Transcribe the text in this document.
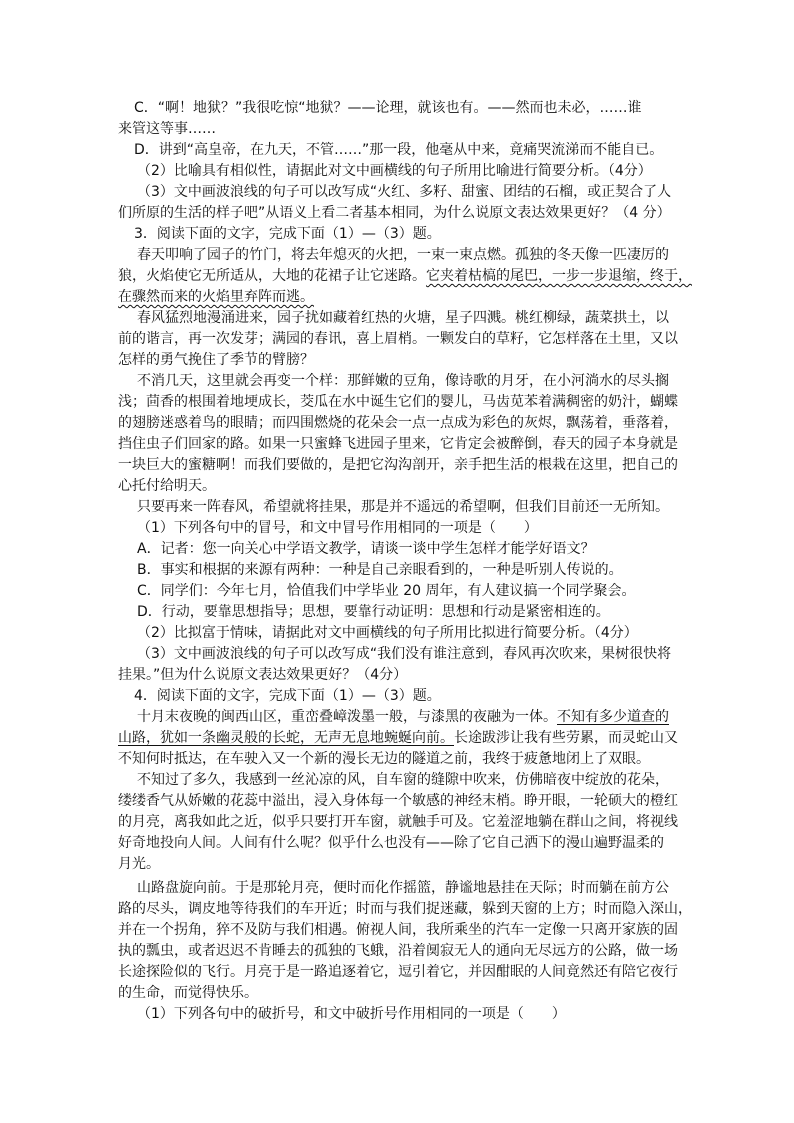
C．“啊！地狱？”我很吃惊“地狱？——论理，就该也有。——然而也未必，……谁
来管这等事……
D．讲到“高皇帝，在九天，不管……”那一段，他毫从中来，竟痛哭流涕而不能自已。
（2）比喻具有相似性，请据此对文中画横线的句子所用比喻进行简要分析。（4分）
（3）文中画波浪线的句子可以改写成“火红、多籽、甜蜜、团结的石榴，或正契合了人
们所原的生活的样子吧”从语义上看二者基本相同，为什么说原文表达效果更好？（4 分）
3．阅读下面的文字，完成下面（1）—（3）题。
春天叩响了园子的竹门，将去年熄灭的火把，一束一束点燃。孤独的冬天像一匹凄厉的
狼，火焰使它无所适从，大地的花裙子让它迷路。它夹着枯槁的尾巴，一步一步退缩，终于，
在骤然而来的火焰里弃阵而逃。
春风猛烈地漫涌进来，园子扰如藏着红热的火塘，星子四溅。桃红柳绿，蔬菜拱土，以
前的谐言，再一次发芽；满园的春讯，喜上眉梢。一颗发白的草籽，它怎样落在土里，又以
怎样的勇气挽住了季节的臂膀？
不消几天，这里就会再变一个样：那鲜嫩的豆角，像诗歌的月牙，在小河淌水的尽头搁
浅；茴香的根围着地埂成长，茭瓜在水中诞生它们的婴儿，马齿苋苯着满稠密的奶汁，蝴蝶
的翅膀迷惑着鸟的眼睛；而四围燃烧的花朵会一点一点成为彩色的灰烬，飘荡着，垂落着，
挡住虫子们回家的路。如果一只蜜蜂飞进园子里来，它肯定会被醉倒，春天的园子本身就是
一块巨大的蜜糖啊！而我们要做的，是把它沟沟剖开，亲手把生活的根栽在这里，把自己的
心托付给明天。
只要再来一阵春风，希望就将挂果，那是并不遥远的希望啊，但我们目前还一无所知。
（1）下列各句中的冒号，和文中冒号作用相同的一项是（　　）
A．记者：您一向关心中学语文教学，请谈一谈中学生怎样才能学好语文？
B．事实和根据的来源有两种：一种是自己亲眼看到的，一种是听别人传说的。
C．同学们：今年七月，恰值我们中学毕业 20 周年，有人建议搞一个同学聚会。
D．行动，要靠思想指导；思想，要靠行动证明：思想和行动是紧密相连的。
（2）比拟富于情味，请据此对文中画横线的句子所用比拟进行简要分析。（4分）
（3）文中画波浪线的句子可以改写成“我们没有谁注意到，春风再次吹来，果树很快将
挂果。”但为什么说原文表达效果更好？（4分）
4．阅读下面的文字，完成下面（1）—（3）题。
十月末夜晚的闽西山区，重峦叠嶂泼墨一般，与漆黑的夜融为一体。不知有多少道查的
山路，犹如一条幽灵般的长蛇，无声无息地蜿蜒向前。长途跋涉让我有些劳累，而灵蛇山又
不知何时抵达，在车驶入又一个新的漫长无边的隧道之前，我终于疲惫地闭上了双眼。
不知过了多久，我感到一丝沁凉的风，自车窗的缝隙中吹来，仿佛暗夜中绽放的花朵，
缕缕香气从娇嫩的花蕊中溢出，浸入身体每一个敏感的神经末梢。睁开眼，一轮硕大的橙红
的月亮，离我如此之近，似乎只要打开车窗，就触手可及。它羞涩地躺在群山之间，将视线
好奇地投向人间。人间有什么呢？似乎什么也没有——除了它自己洒下的漫山遍野温柔的
月光。
山路盘旋向前。于是那轮月亮，便时而化作摇篮，静谧地悬挂在天际；时而躺在前方公
路的尽头，调皮地等待我们的车开近；时而与我们捉迷藏，躲到天窗的上方；时而隐入深山，
并在一个拐角，猝不及防与我们相遇。俯视人间，我所乘坐的汽车一定像一只离开家族的固
执的瓢虫，或者迟迟不肯睡去的孤独的飞蛾，沿着阒寂无人的通向无尽远方的公路，做一场
长途探险似的飞行。月亮于是一路追逐着它，逗引着它，并因酣眠的人间竟然还有陪它夜行
的生命，而觉得快乐。
（1）下列各句中的破折号，和文中破折号作用相同的一项是（　　）
